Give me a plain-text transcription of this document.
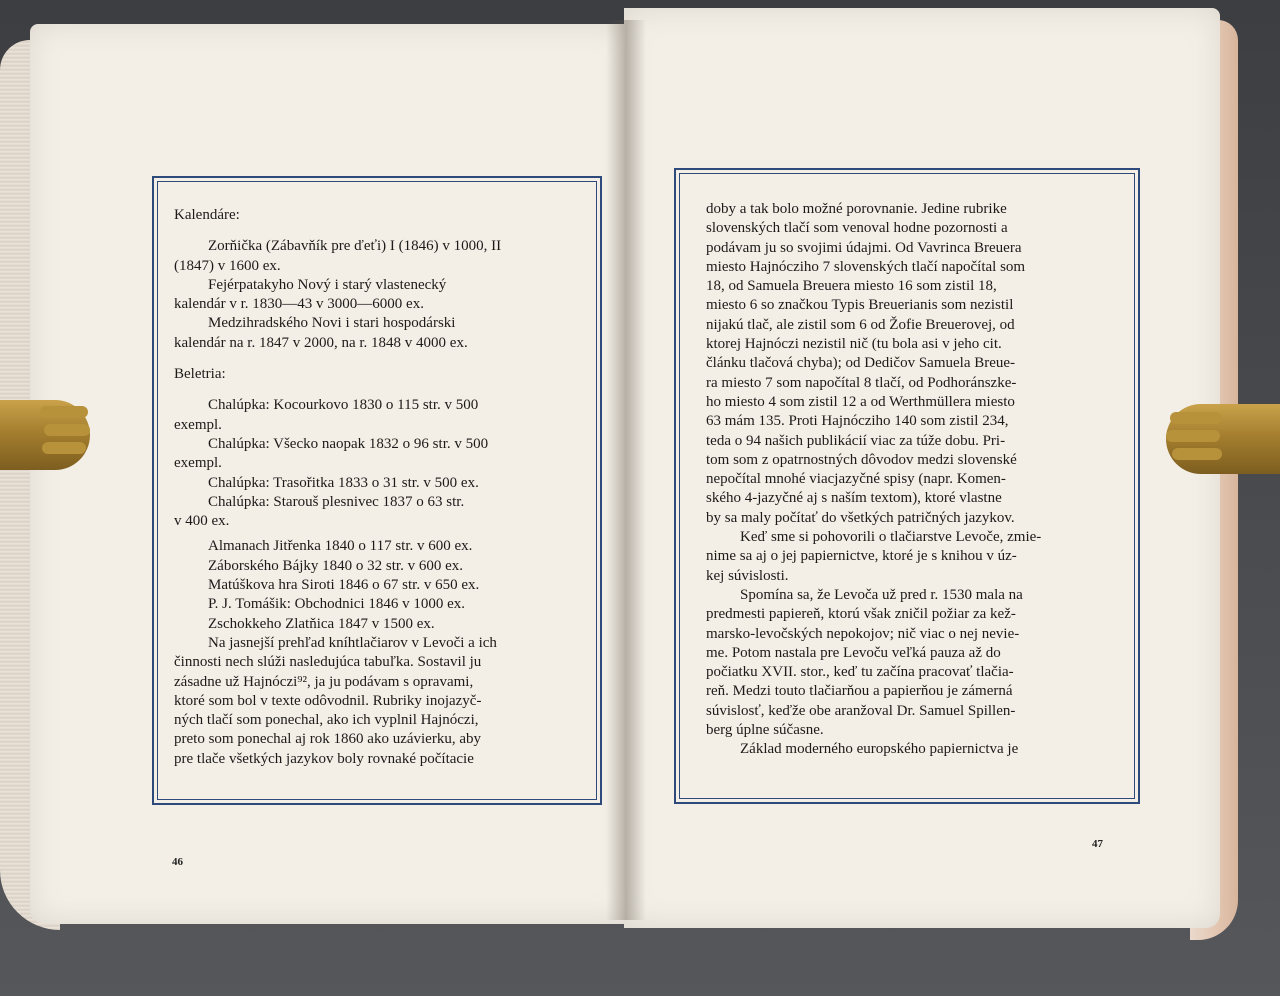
Kalendáre:

Zorňička (Zábavňík pre ďeťi) I (1846) v 1000, II
(1847) v 1600 ex.

Fejérpatakyho Nový i starý vlastenecký
kalendár v r. 1830—43 v 3000—6000 ex.

Medzihradského Novi i stari hospodárski
kalendár na r. 1847 v 2000, na r. 1848 v 4000 ex.

Beletria:

Chalúpka: Kocourkovo 1830 o 115 str. v 500
exempl.

Chalúpka: Všecko naopak 1832 o 96 str. v 500
exempl.

Chalúpka: Trasořitka 1833 o 31 str. v 500 ex.

Chalúpka: Starouš plesnivec 1837 o 63 str.
v 400 ex.

Almanach Jitřenka 1840 o 117 str. v 600 ex.

Záborského Bájky 1840 o 32 str. v 600 ex.

Matúškova hra Siroti 1846 o 67 str. v 650 ex.

P. J. Tomášik: Obchodnici 1846 v 1000 ex.

Zschokkeho Zlatňica 1847 v 1500 ex.

Na jasnejší prehľad kníhtlačiarov v Levoči a ich
činnosti nech slúži nasledujúca tabuľka. Sostavil ju
zásadne už Hajnóczi⁹², ja ju podávam s opravami,
ktoré som bol v texte odôvodnil. Rubriky inojazyč-
ných tlačí som ponechal, ako ich vyplnil Hajnóczi,
preto som ponechal aj rok 1860 ako uzávierku, aby
pre tlače všetkých jazykov boly rovnaké počítacie

doby a tak bolo možné porovnanie. Jedine rubrike
slovenských tlačí som venoval hodne pozornosti a
podávam ju so svojimi údajmi. Od Vavrinca Breuera
miesto Hajnócziho 7 slovenských tlačí napočítal som
18, od Samuela Breuera miesto 16 som zistil 18,
miesto 6 so značkou Typis Breuerianis som nezistil
nijakú tlač, ale zistil som 6 od Žofie Breuerovej, od
ktorej Hajnóczi nezistil nič (tu bola asi v jeho cit.
článku tlačová chyba); od Dedičov Samuela Breue-
ra miesto 7 som napočítal 8 tlačí, od Podhoránszke-
ho miesto 4 som zistil 12 a od Werthmüllera miesto
63 mám 135. Proti Hajnócziho 140 som zistil 234,
teda o 94 našich publikácií viac za túže dobu. Pri-
tom som z opatrnostných dôvodov medzi slovenské
nepočítal mnohé viacjazyčné spisy (napr. Komen-
ského 4-jazyčné aj s naším textom), ktoré vlastne
by sa maly počítať do všetkých patričných jazykov.

Keď sme si pohovorili o tlačiarstve Levoče, zmie-
nime sa aj o jej papiernictve, ktoré je s knihou v úz-
kej súvislosti.

Spomína sa, že Levoča už pred r. 1530 mala na
predmesti papiereň, ktorú však zničil požiar za kež-
marsko-levočských nepokojov; nič viac o nej nevie-
me. Potom nastala pre Levoču veľká pauza až do
počiatku XVII. stor., keď tu začína pracovať tlačia-
reň. Medzi touto tlačiarňou a papierňou je zámerná
súvislosť, keďže obe aranžoval Dr. Samuel Spillen-
berg úplne súčasne.

Základ moderného europského papiernictva je

46
47
